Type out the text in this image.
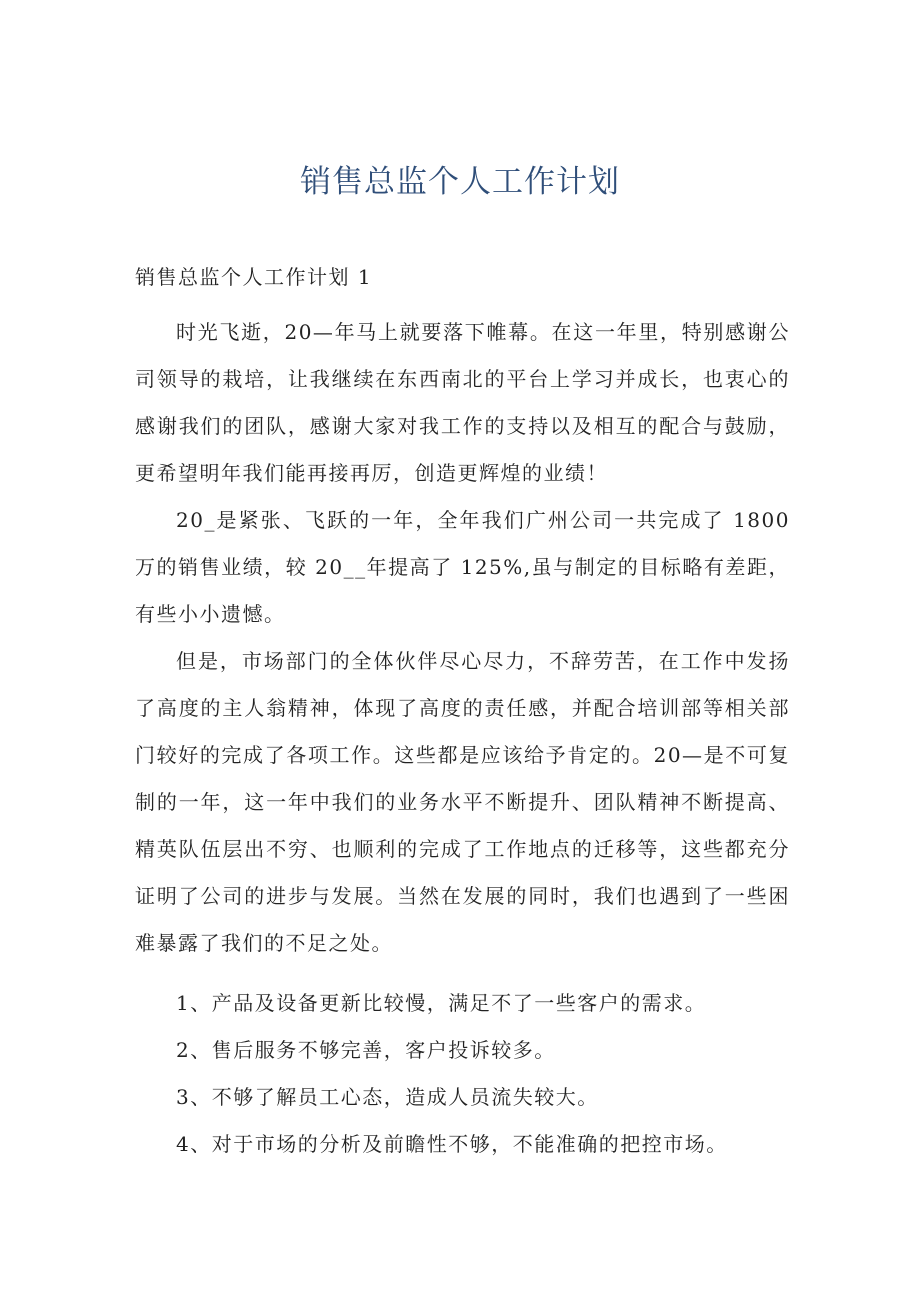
销售总监个人工作计划

销售总监个人工作计划 1

时光飞逝，20—年马上就要落下帷幕。在这一年里，特别感谢公司领导的栽培，让我继续在东西南北的平台上学习并成长，也衷心的感谢我们的团队，感谢大家对我工作的支持以及相互的配合与鼓励，更希望明年我们能再接再厉，创造更辉煌的业绩！

20_是紧张、飞跃的一年，全年我们广州公司一共完成了 1800 万的销售业绩，较 20__年提高了 125%,虽与制定的目标略有差距，有些小小遗憾。

但是，市场部门的全体伙伴尽心尽力，不辞劳苦，在工作中发扬了高度的主人翁精神，体现了高度的责任感，并配合培训部等相关部门较好的完成了各项工作。这些都是应该给予肯定的。20—是不可复制的一年，这一年中我们的业务水平不断提升、团队精神不断提高、精英队伍层出不穷、也顺利的完成了工作地点的迁移等，这些都充分证明了公司的进步与发展。当然在发展的同时，我们也遇到了一些困难暴露了我们的不足之处。

1、产品及设备更新比较慢，满足不了一些客户的需求。

2、售后服务不够完善，客户投诉较多。

3、不够了解员工心态，造成人员流失较大。

4、对于市场的分析及前瞻性不够，不能准确的把控市场。
